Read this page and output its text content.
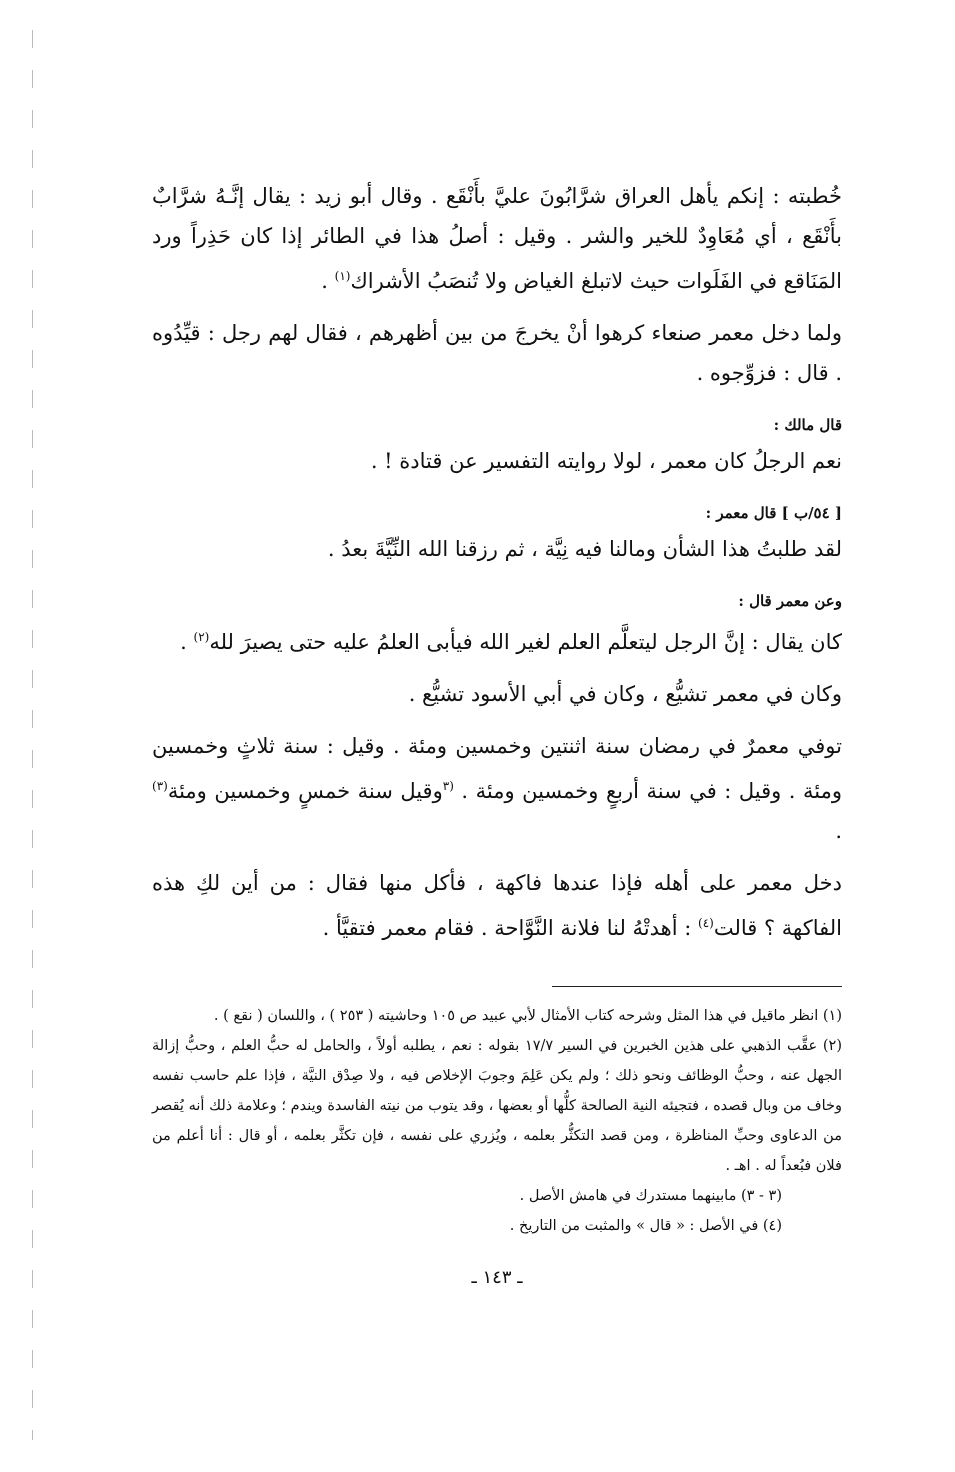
خُطبته : إنكم يأهل العراق شرَّابُونَ عليَّ بأَنْقَع . وقال أبو زيد : يقال إنَّـهُ شرَّابٌ بأَنْقَع ، أي مُعَاوِدٌ للخير والشر . وقيل : أصلُ هذا في الطائر إذا كان حَذِراً ورد المَنَاقع في الفَلَوات حيث لاتبلغ الغياض ولا تُنصَبُ الأشراك$^{(١)}$ .

ولما دخل معمر صنعاء كرهوا أنْ يخرجَ من بين أظهرهم ، فقال لهم رجل : قيِّدُوه . قال : فزوِّجوه .

قال مالك :

نعم الرجلُ كان معمر ، لولا روايته التفسير عن قتادة ! .

[ ٥٤/ب ] قال معمر :

لقد طلبتُ هذا الشأن ومالنا فيه نِيَّة ، ثم رزقنا الله النِّيَّةَ بعدُ .

وعن معمر قال :

كان يقال : إنَّ الرجل ليتعلَّم العلم لغير الله فيأبى العلمُ عليه حتى يصيرَ لله$^{(٢)}$ .

وكان في معمر تشيُّع ، وكان في أبي الأسود تشيُّع .

توفي معمرٌ في رمضان سنة اثنتين وخمسين ومئة . وقيل : سنة ثلاثٍ وخمسين ومئة . وقيل : في سنة أربعٍ وخمسين ومئة . $^{(٣}$وقيل سنة خمسٍ وخمسين ومئة$^{(٣)}$ .

دخل معمر على أهله فإذا عندها فاكهة ، فأكل منها فقال : من أين لكِ هذه الفاكهة ؟ قالت$^{(٤)}$ : أهدتْهُ لنا فلانة النَّوَّاحة . فقام معمر فتقيَّأ .

(١) انظر ماقيل في هذا المثل وشرحه كتاب الأمثال لأبي عبيد ص ١٠٥ وحاشيته ( ٢٥٣ ) ، واللسان ( نقع ) .
(٢) عقَّب الذهبي على هذين الخبرين في السير ١٧/٧ بقوله : نعم ، يطلبه أولاً ، والحامل له حبُّ العلم ، وحبُّ إزالة الجهل عنه ، وحبُّ الوظائف ونحو ذلك ؛ ولم يكن عَلِمَ وجوبَ الإخلاص فيه ، ولا صِدْق النيَّة ، فإذا علم حاسب نفسه وخاف من وبال قصده ، فتجيئه النية الصالحة كلُّها أو بعضها ، وقد يتوب من نيته الفاسدة ويندم ؛ وعلامة ذلك أنه يُقصر من الدعاوى وحبِّ المناظرة ، ومن قصد التكثُّر بعلمه ، ويُزري على نفسه ، فإن تكثَّر بعلمه ، أو قال : أنا أعلم من فلان فبُعداً له . اهـ .
(٣ - ٣) مابينهما مستدرك في هامش الأصل .
(٤) في الأصل : « قال » والمثبت من التاريخ .
ـ ١٤٣ ـ
